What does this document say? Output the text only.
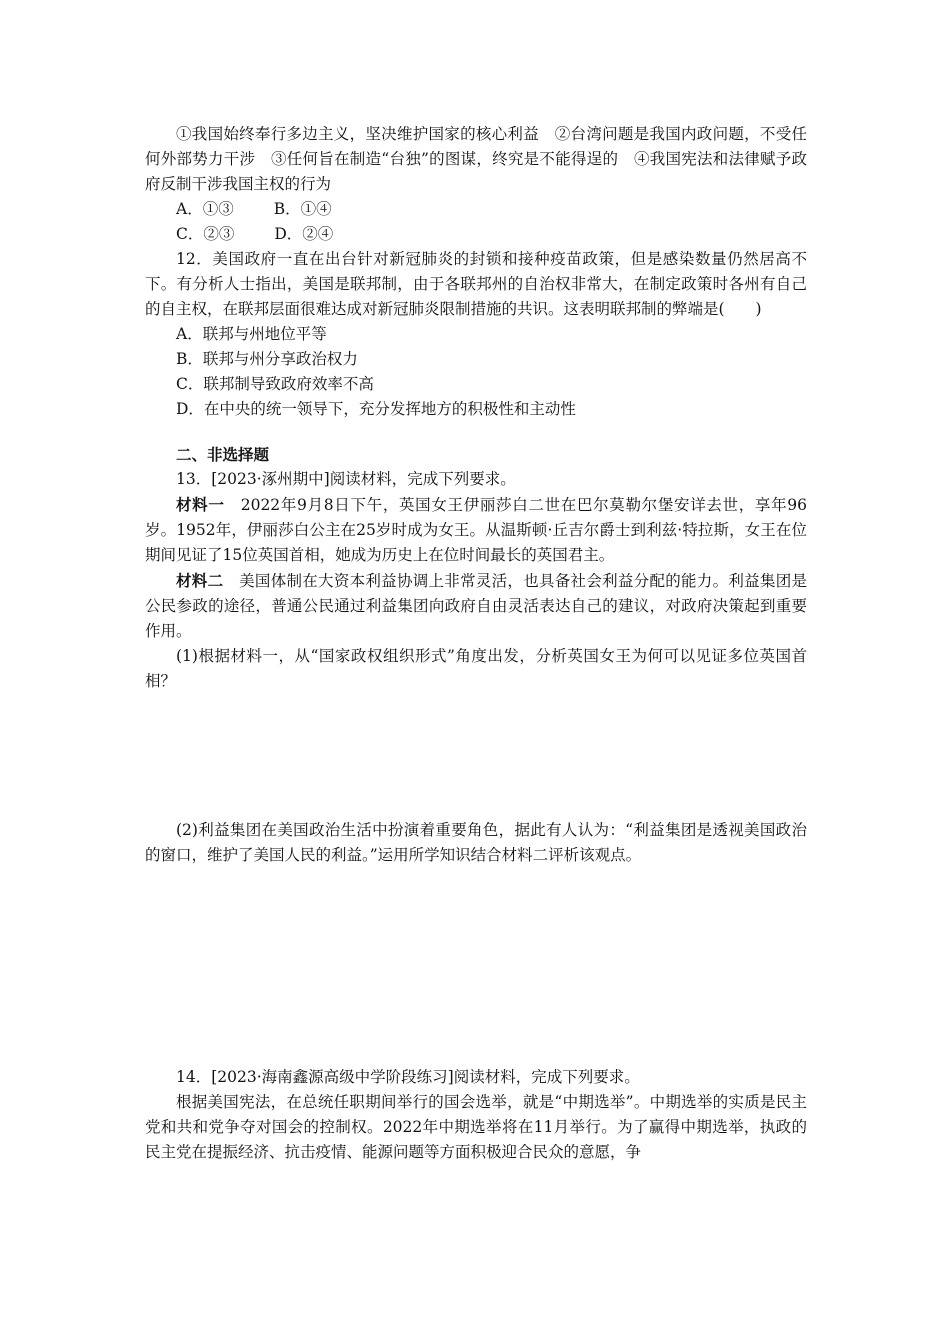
①我国始终奉行多边主义，坚决维护国家的核心利益　②台湾问题是我国内政问题，不受任何外部势力干涉　③任何旨在制造“台独”的图谋，终究是不能得逞的　④我国宪法和法律赋予政府反制干涉我国主权的行为

A．①③	B．①④

C．②③	D．②④

12．美国政府一直在出台针对新冠肺炎的封锁和接种疫苗政策，但是感染数量仍然居高不下。有分析人士指出，美国是联邦制，由于各联邦州的自治权非常大，在制定政策时各州有自己的自主权，在联邦层面很难达成对新冠肺炎限制措施的共识。这表明联邦制的弊端是(　　)

A．联邦与州地位平等

B．联邦与州分享政治权力

C．联邦制导致政府效率不高

D．在中央的统一领导下，充分发挥地方的积极性和主动性

二、非选择题

13．[2023·涿州期中]阅读材料，完成下列要求。

材料一　2022年9月8日下午，英国女王伊丽莎白二世在巴尔莫勒尔堡安详去世，享年96岁。1952年，伊丽莎白公主在25岁时成为女王。从温斯顿·丘吉尔爵士到利兹·特拉斯，女王在位期间见证了15位英国首相，她成为历史上在位时间最长的英国君主。

材料二　美国体制在大资本利益协调上非常灵活，也具备社会利益分配的能力。利益集团是公民参政的途径，普通公民通过利益集团向政府自由灵活表达自己的建议，对政府决策起到重要作用。

(1)根据材料一，从“国家政权组织形式”角度出发，分析英国女王为何可以见证多位英国首相？

(2)利益集团在美国政治生活中扮演着重要角色，据此有人认为：“利益集团是透视美国政治的窗口，维护了美国人民的利益。”运用所学知识结合材料二评析该观点。

14．[2023·海南鑫源高级中学阶段练习]阅读材料，完成下列要求。

根据美国宪法，在总统任职期间举行的国会选举，就是“中期选举”。中期选举的实质是民主党和共和党争夺对国会的控制权。2022年中期选举将在11月举行。为了赢得中期选举，执政的民主党在提振经济、抗击疫情、能源问题等方面积极迎合民众的意愿，争
